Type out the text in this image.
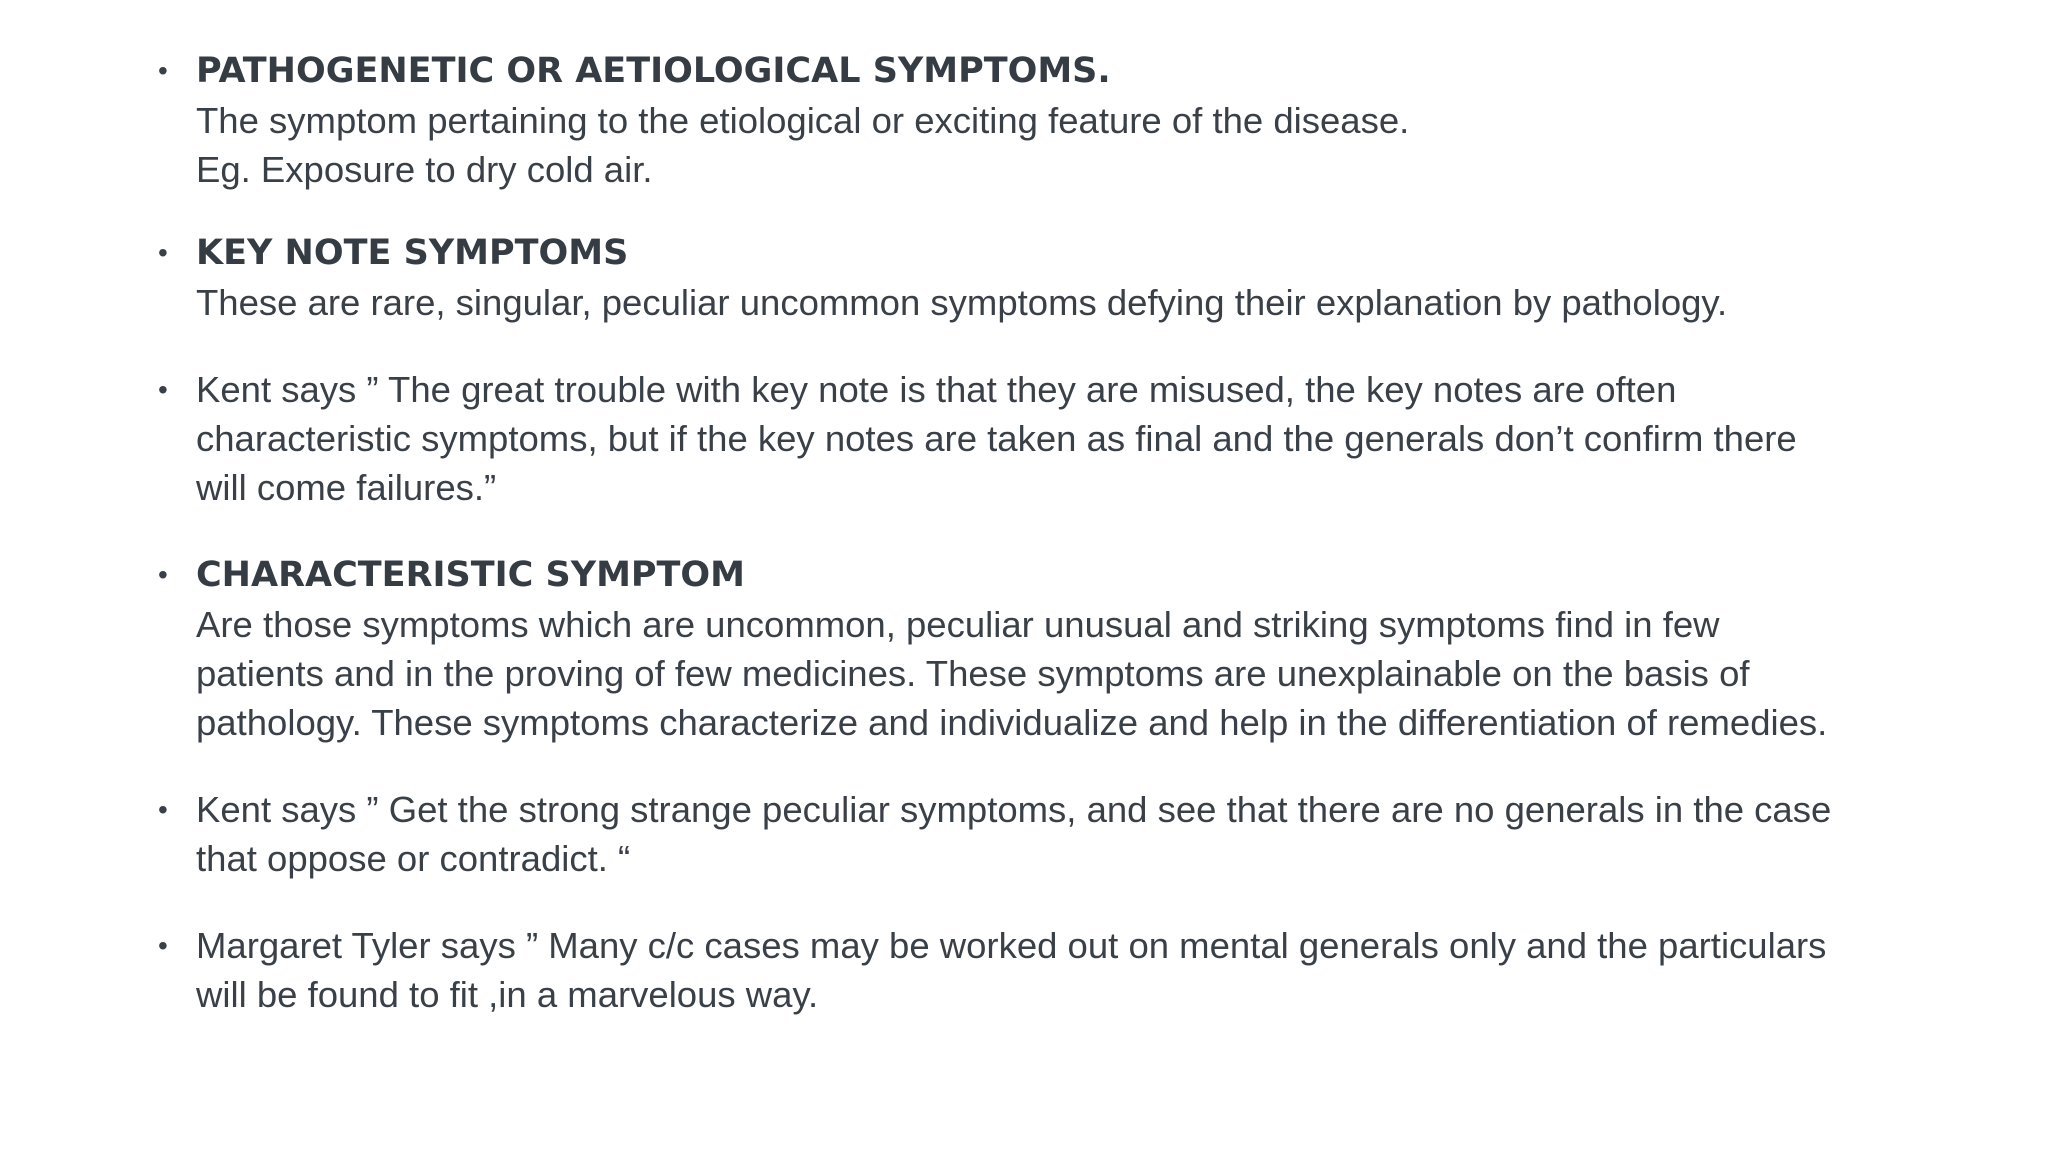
• PATHOGENETIC OR AETIOLOGICAL SYMPTOMS.
The symptom pertaining to the etiological or exciting feature of the disease.
Eg. Exposure to dry cold air.
• KEY NOTE SYMPTOMS
These are rare, singular, peculiar uncommon symptoms defying their explanation by pathology.
• Kent says ” The great trouble with key note is that they are misused, the key notes are often
characteristic symptoms, but if the key notes are taken as final and the generals don’t confirm there
will come failures.”
• CHARACTERISTIC SYMPTOM
Are those symptoms which are uncommon, peculiar unusual and striking symptoms find in few
patients and in the proving of few medicines. These symptoms are unexplainable on the basis of
pathology. These symptoms characterize and individualize and help in the differentiation of remedies.
• Kent says ” Get the strong strange peculiar symptoms, and see that there are no generals in the case
that oppose or contradict. “
• Margaret Tyler says ” Many c/c cases may be worked out on mental generals only and the particulars
will be found to fit ,in a marvelous way.
